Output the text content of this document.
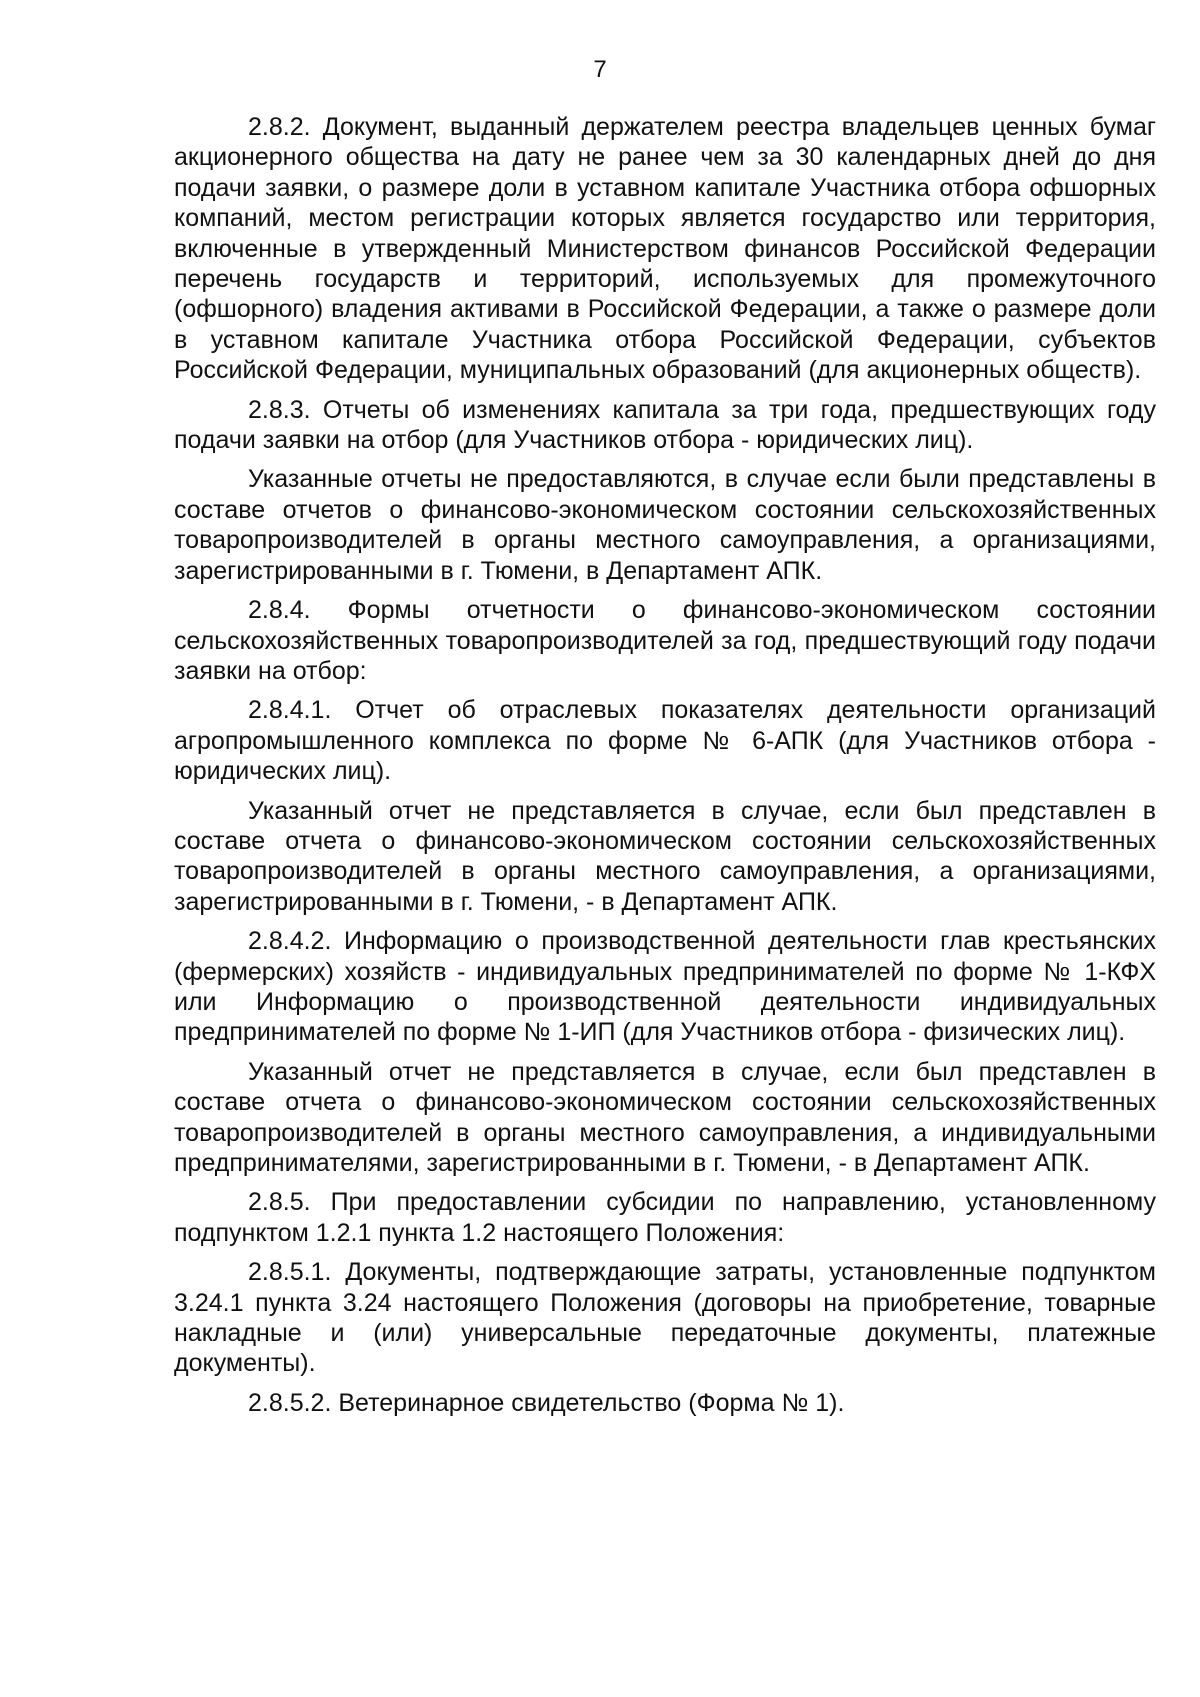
7

2.8.2. Документ, выданный держателем реестра владельцев ценных бумаг акционерного общества на дату не ранее чем за 30 календарных дней до дня подачи заявки, о размере доли в уставном капитале Участника отбора офшорных компаний, местом регистрации которых является государство или территория, включенные в утвержденный Министерством финансов Российской Федерации перечень государств и территорий, используемых для промежуточного (офшорного) владения активами в Российской Федерации, а также о размере доли в уставном капитале Участника отбора Российской Федерации, субъектов Российской Федерации, муниципальных образований (для акционерных обществ).

2.8.3. Отчеты об изменениях капитала за три года, предшествующих году подачи заявки на отбор (для Участников отбора - юридических лиц).

Указанные отчеты не предоставляются, в случае если были представлены в составе отчетов о финансово-экономическом состоянии сельскохозяйственных товаропроизводителей в органы местного самоуправления, а организациями, зарегистрированными в г. Тюмени, в Департамент АПК.

2.8.4. Формы отчетности о финансово-экономическом состоянии сельскохозяйственных товаропроизводителей за год, предшествующий году подачи заявки на отбор:

2.8.4.1. Отчет об отраслевых показателях деятельности организаций агропромышленного комплекса по форме № 6-АПК (для Участников отбора - юридических лиц).

Указанный отчет не представляется в случае, если был представлен в составе отчета о финансово-экономическом состоянии сельскохозяйственных товаропроизводителей в органы местного самоуправления, а организациями, зарегистрированными в г. Тюмени, - в Департамент АПК.

2.8.4.2. Информацию о производственной деятельности глав крестьянских (фермерских) хозяйств - индивидуальных предпринимателей по форме № 1-КФХ или Информацию о производственной деятельности индивидуальных предпринимателей по форме № 1-ИП (для Участников отбора - физических лиц).

Указанный отчет не представляется в случае, если был представлен в составе отчета о финансово-экономическом состоянии сельскохозяйственных товаропроизводителей в органы местного самоуправления, а индивидуальными предпринимателями, зарегистрированными в г. Тюмени, - в Департамент АПК.

2.8.5. При предоставлении субсидии по направлению, установленному подпунктом 1.2.1 пункта 1.2 настоящего Положения:

2.8.5.1. Документы, подтверждающие затраты, установленные подпунктом 3.24.1 пункта 3.24 настоящего Положения (договоры на приобретение, товарные накладные и (или) универсальные передаточные документы, платежные документы).

2.8.5.2. Ветеринарное свидетельство (Форма № 1).
